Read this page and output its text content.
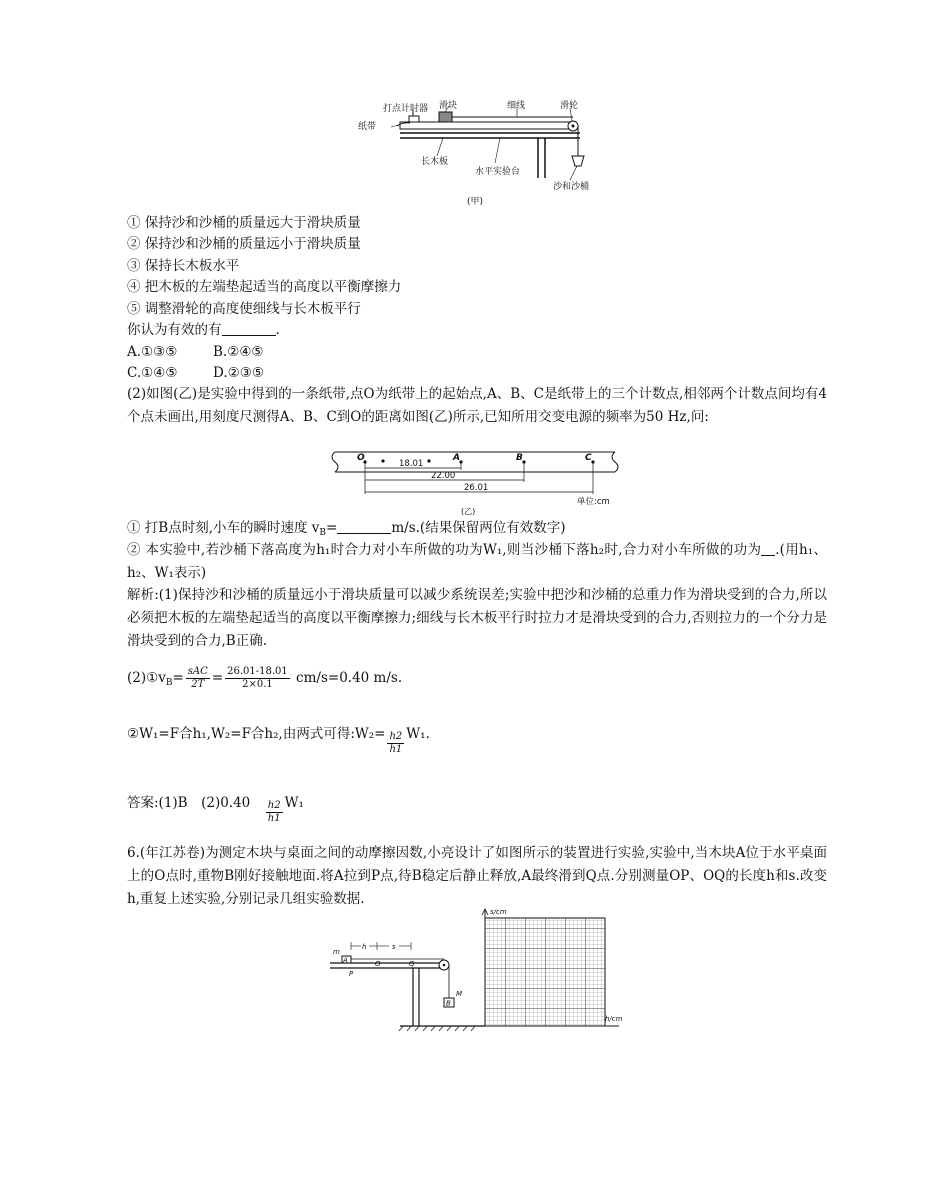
打点计时器 滑块	细线	滑轮
纸带
长木板
水平实验台
沙和沙桶
(甲)
① 保持沙和沙桶的质量远大于滑块质量
② 保持沙和沙桶的质量远小于滑块质量
③ 保持长木板水平
④ 把木板的左端垫起适当的高度以平衡摩擦力
⑤ 调整滑轮的高度使细线与长木板平行
你认为有效的有	.
A.①③⑤	B.②④⑤
C.①④⑤	D.②③⑤
(2)如图(乙)是实验中得到的一条纸带,点O为纸带上的起始点,A、B、C是纸带上的三个计数点,相邻两个计数点间均有4个点未画出,用刻度尺测得A、B、C到O的距离如图(乙)所示,已知所用交变电源的频率为50 Hz,问:
O	A	B	C
18.01
22.00
26.01
单位:cm
(乙)
① 打B点时刻,小车的瞬时速度 $v_B=$	m/s.(结果保留两位有效数字)
② 本实验中,若沙桶下落高度为h₁时合力对小车所做的功为W₁,则当沙桶下落h₂时,合力对小车所做的功为 .(用h₁、h₂、W₁表示)
解析:(1)保持沙和沙桶的质量远小于滑块质量可以减少系统误差;实验中把沙和沙桶的总重力作为滑块受到的合力,所以必须把木板的左端垫起适当的高度以平衡摩擦力;细线与长木板平行时拉力才是滑块受到的合力,否则拉力的一个分力是滑块受到的合力,B正确.
$(2)①v_B= \frac{\text{sAC}}{2T} = \frac{26.01-18.01}{2\times 0.1} cm/s=0.40$ m/s.
②W₁=F合h₁,W₂=F合h₂,由两式可得:W₂= $\frac{h2}{h1} W_1$.
答案:(1)B　(2)0.40　 $\frac{h2}{h1} W_1$
6.(年江苏卷)为测定木块与桌面之间的动摩擦因数,小亮设计了如图所示的装置进行实验,实验中,当木块A位于水平桌面上的O点时,重物B刚好接触地面.将A拉到P点,待B稳定后静止释放,A最终滑到Q点.分别测量OP、OQ的长度h和s.改变h,重复上述实验,分别记录几组实验数据.
A
m
B
M
h	s
P
O	Q
s/cm
h/cm
